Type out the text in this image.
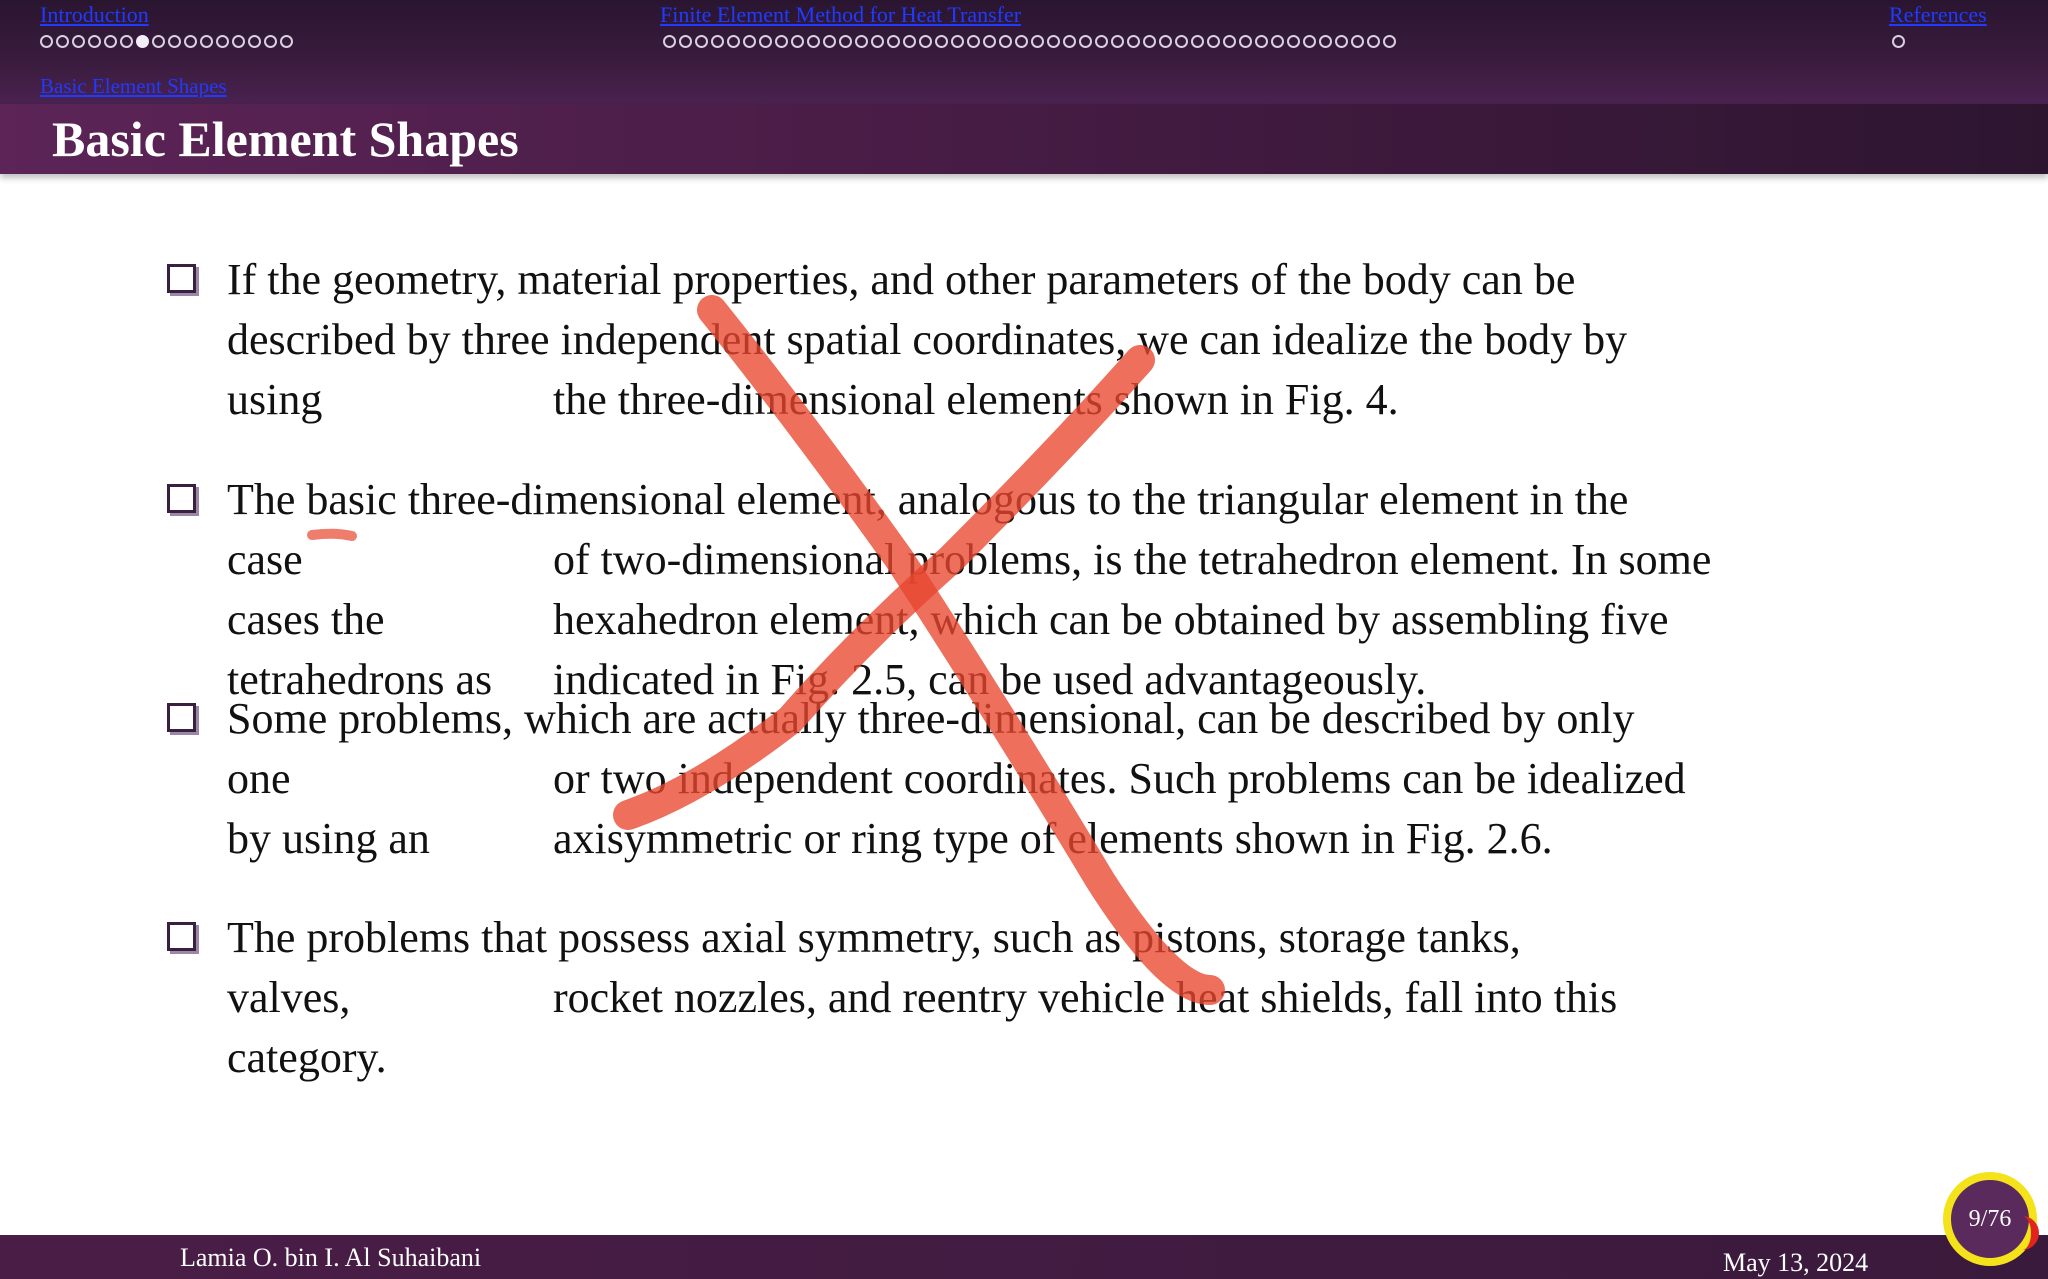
Introduction	Finite Element Method for Heat Transfer	References
Basic Element Shapes
Basic Element Shapes
If the geometry, material properties, and other parameters of the body can be
described by three independent spatial coordinates, we can idealize the body by
using	the three-dimensional elements shown in Fig. 4.
The basic three-dimensional element, analogous to the triangular element in the
case	of two-dimensional problems, is the tetrahedron element. In some
cases the	hexahedron element, which can be obtained by assembling five
tetrahedrons as	indicated in Fig. 2.5, can be used advantageously.
Some problems, which are actually three-dimensional, can be described by only
one	or two independent coordinates. Such problems can be idealized
by using an	axisymmetric or ring type of elements shown in Fig. 2.6.
The problems that possess axial symmetry, such as pistons, storage tanks,
valves,	rocket nozzles, and reentry vehicle heat shields, fall into this
category.
Lamia O. bin I. Al Suhaibani	May 13, 2024
9/76
